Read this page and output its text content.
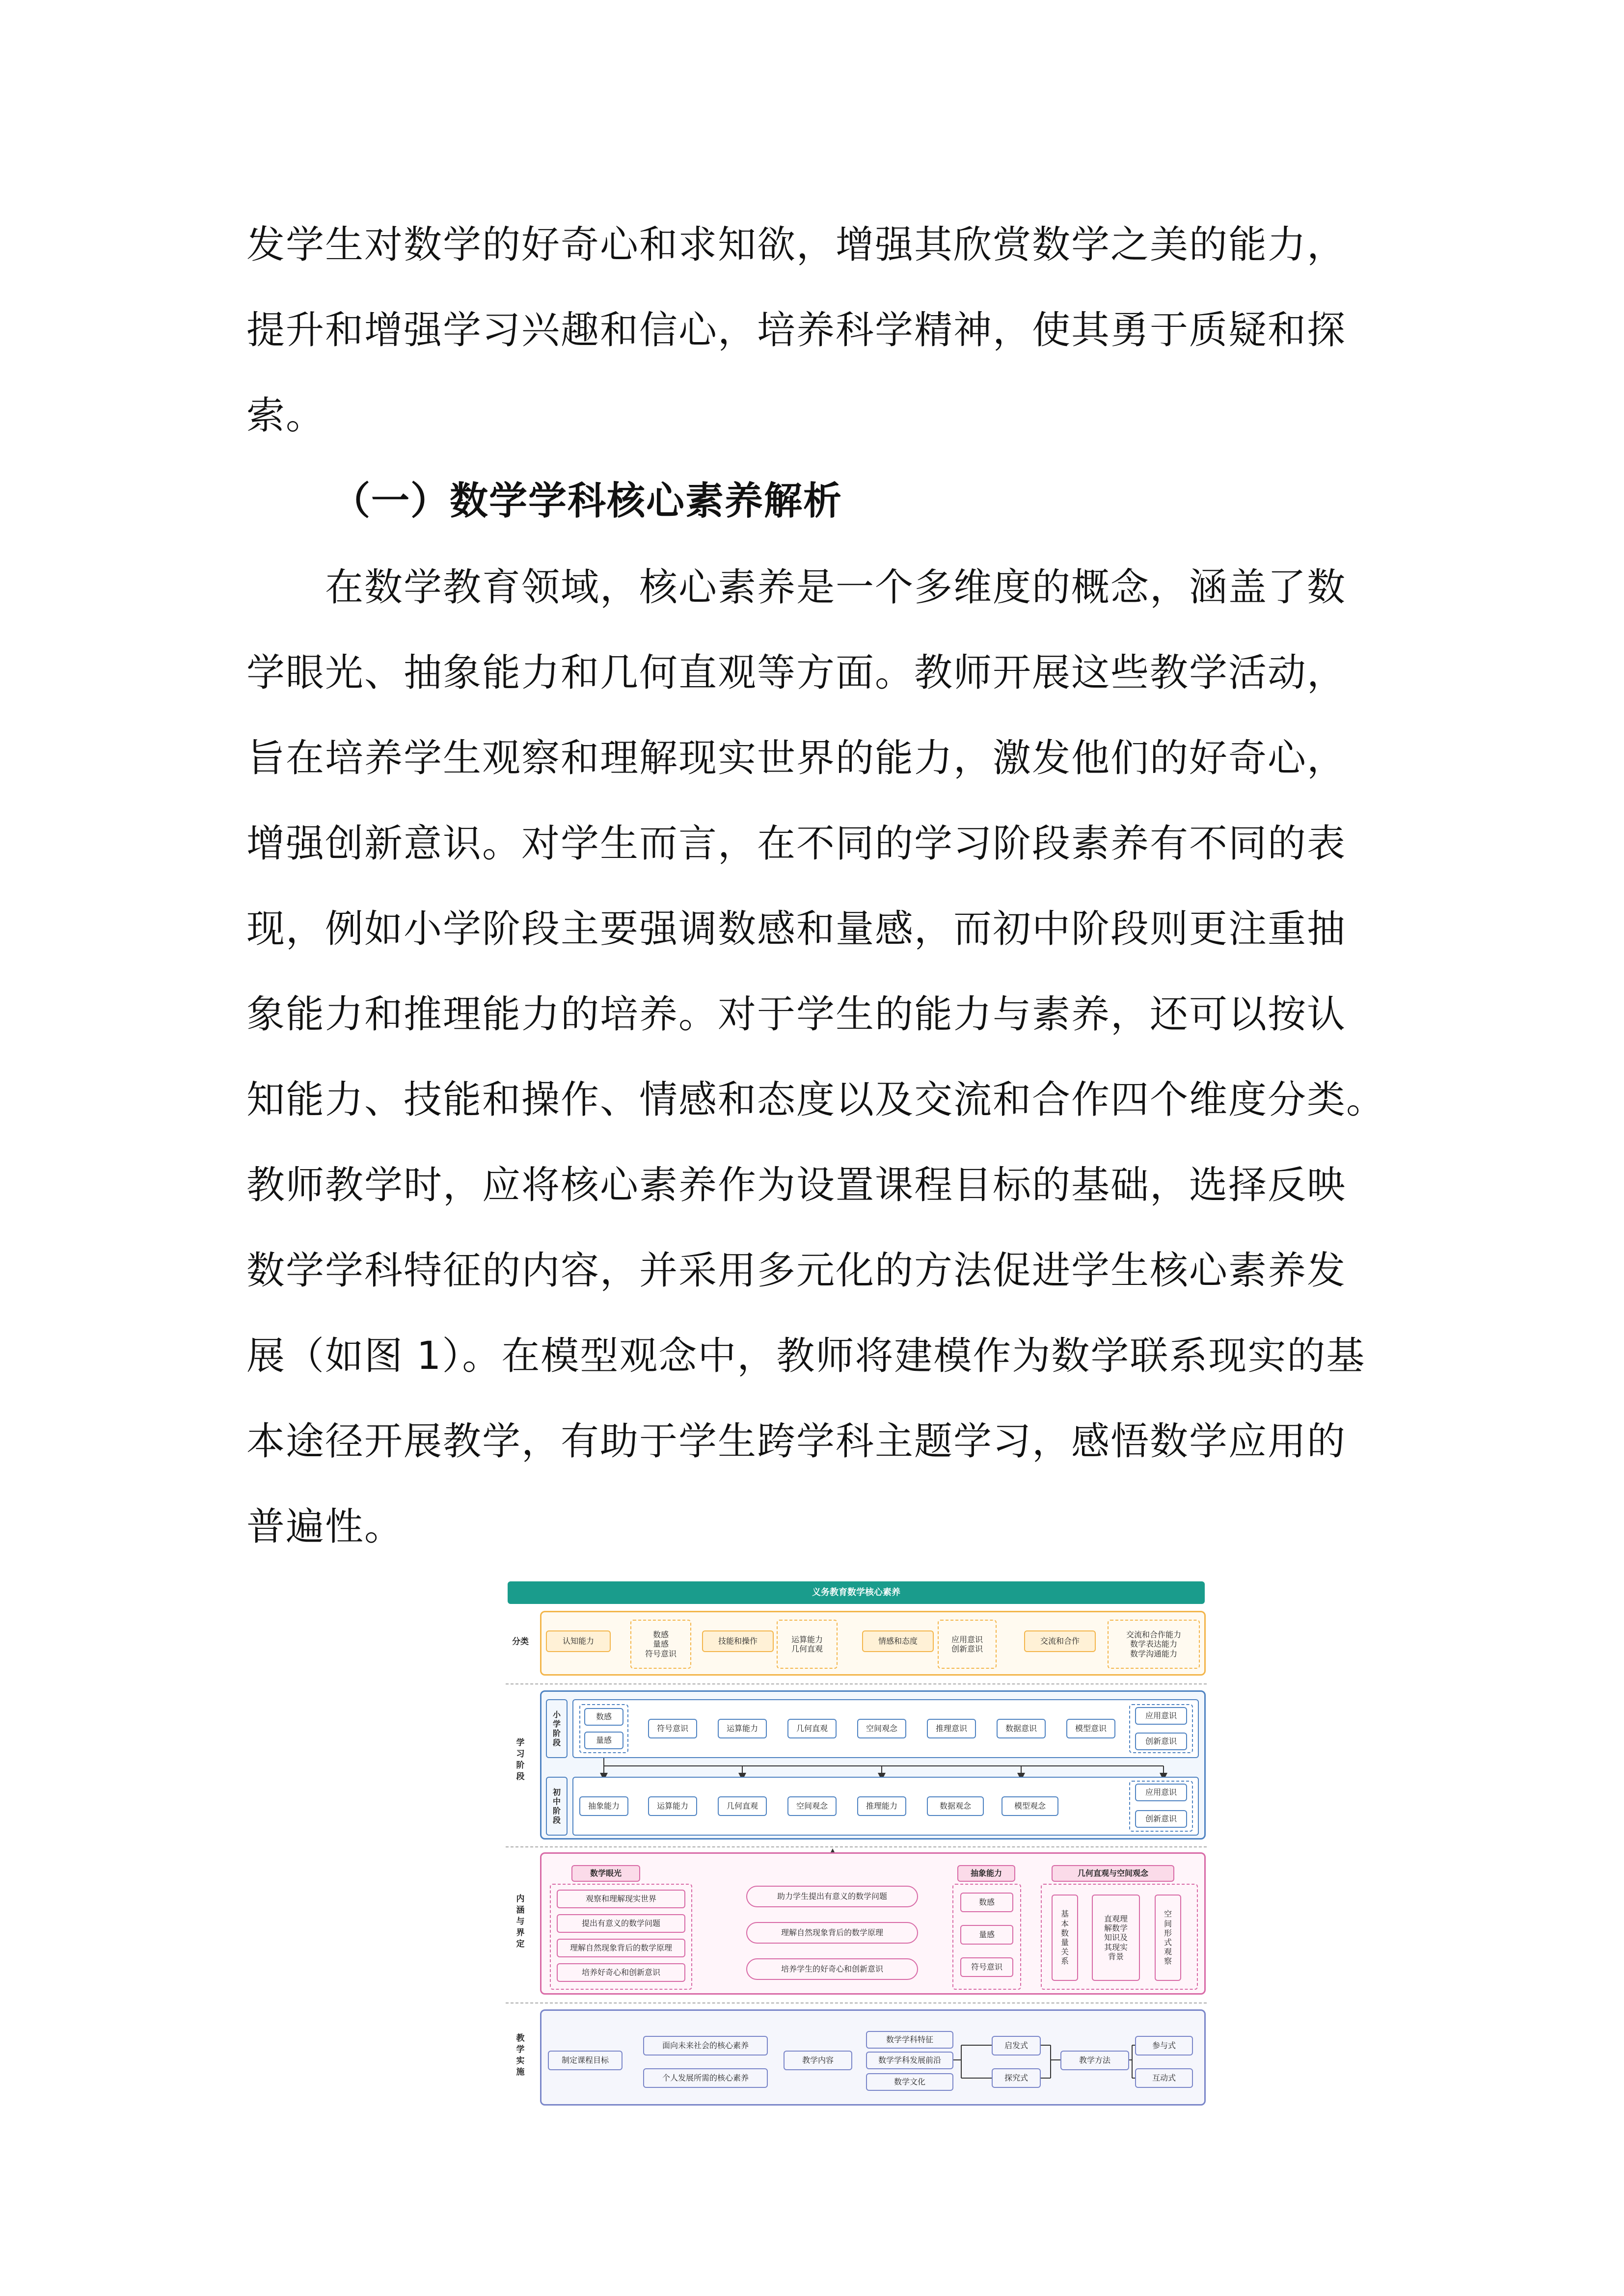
发学生对数学的好奇心和求知欲，增强其欣赏数学之美的能力，
提升和增强学习兴趣和信心，培养科学精神，使其勇于质疑和探
索。
（一）数学学科核心素养解析
在数学教育领域，核心素养是一个多维度的概念，涵盖了数
学眼光、抽象能力和几何直观等方面。教师开展这些教学活动，
旨在培养学生观察和理解现实世界的能力，激发他们的好奇心，
增强创新意识。对学生而言，在不同的学习阶段素养有不同的表
现，例如小学阶段主要强调数感和量感，而初中阶段则更注重抽
象能力和推理能力的培养。对于学生的能力与素养，还可以按认
知能力、技能和操作、情感和态度以及交流和合作四个维度分类。
教师教学时，应将核心素养作为设置课程目标的基础，选择反映
数学学科特征的内容，并采用多元化的方法促进学生核心素养发
展（如图 1）。在模型观念中，教师将建模作为数学联系现实的基
本途径开展教学，有助于学生跨学科主题学习，感悟数学应用的
普遍性。
义务教育数学核心素养
分类	认知能力
数感
量感
符号意识
技能和操作	运算能力
几何直观
情感和态度	应用意识
创新意识
交流和合作
交流和合作能力
数学表达能力
数学沟通能力
学
习
阶
段
小
学
阶
段
数感
量感
符号意识	运算能力	几何直观	空间观念	推理意识	数据意识	模型意识
应用意识
创新意识
初
中
阶
段
抽象能力	运算能力	几何直观	空间观念	推理能力	数据观念	模型观念
应用意识
创新意识
内
涵
与
界
定
数学眼光
观察和理解现实世界
提出有意义的数学问题
理解自然现象背后的数学原理
培养好奇心和创新意识
助力学生提出有意义的数学问题
理解自然现象背后的数学原理
培养学生的好奇心和创新意识
抽象能力
数感
量感
符号意识
几何直观与空间观念
基
本
数
量
关
系
直观理
解数学
知识及
其现实
背景
空
间
形
式
观
察
教
学
实
施
制定课程目标
面向未来社会的核心素养
个人发展所需的核心素养
教学内容
数学学科特征
数学学科发展前沿
数学文化
启发式
探究式
教学方法
参与式
互动式
